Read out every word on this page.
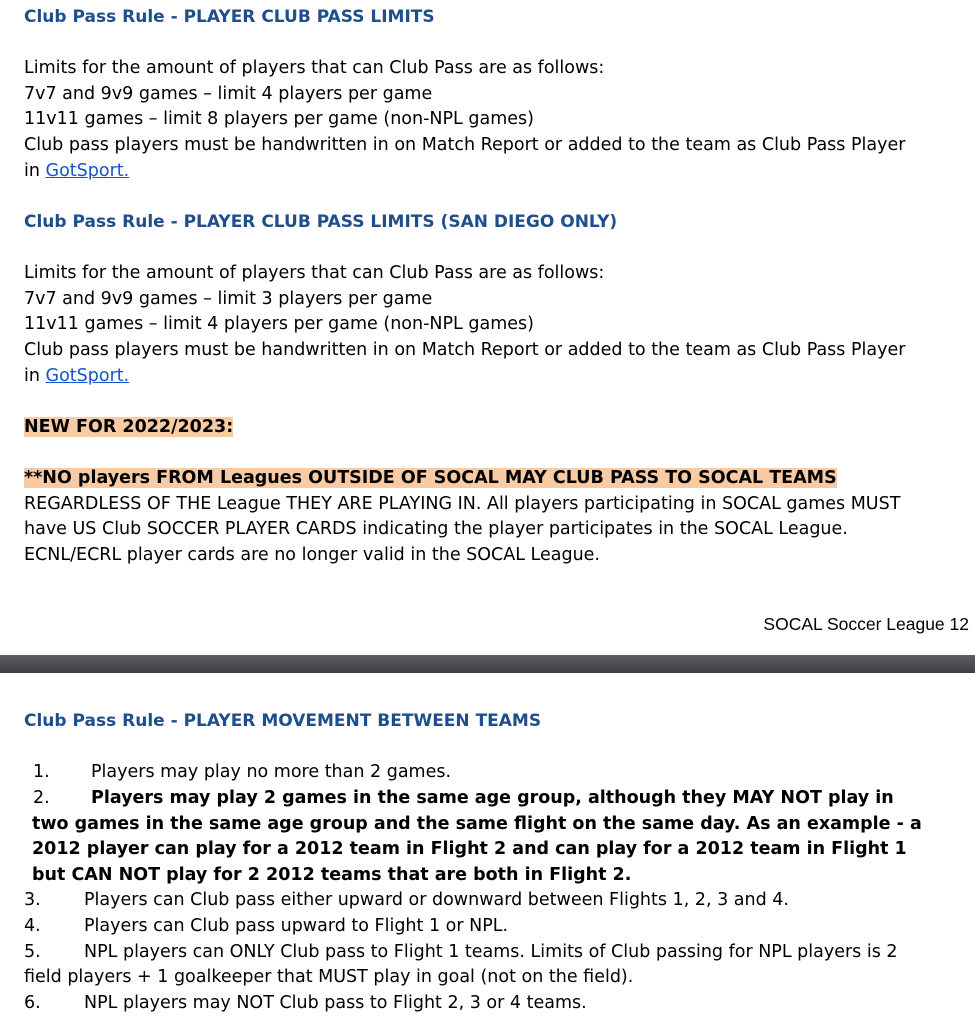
Club Pass Rule - PLAYER CLUB PASS LIMITS
Limits for the amount of players that can Club Pass are as follows:
7v7 and 9v9 games – limit 4 players per game
11v11 games – limit 8 players per game (non-NPL games)
Club pass players must be handwritten in on Match Report or added to the team as Club Pass Player
in GotSport.
Club Pass Rule - PLAYER CLUB PASS LIMITS (SAN DIEGO ONLY)
Limits for the amount of players that can Club Pass are as follows:
7v7 and 9v9 games – limit 3 players per game
11v11 games – limit 4 players per game (non-NPL games)
Club pass players must be handwritten in on Match Report or added to the team as Club Pass Player
in GotSport.
NEW FOR 2022/2023:
**NO players FROM Leagues OUTSIDE OF SOCAL MAY CLUB PASS TO SOCAL TEAMS
REGARDLESS OF THE League THEY ARE PLAYING IN. All players participating in SOCAL games MUST
have US Club SOCCER PLAYER CARDS indicating the player participates in the SOCAL League.
ECNL/ECRL player cards are no longer valid in the SOCAL League.
SOCAL Soccer League 12
Club Pass Rule - PLAYER MOVEMENT BETWEEN TEAMS
1. Players may play no more than 2 games.
2. Players may play 2 games in the same age group, although they MAY NOT play in
two games in the same age group and the same flight on the same day. As an example - a
2012 player can play for a 2012 team in Flight 2 and can play for a 2012 team in Flight 1
but CAN NOT play for 2 2012 teams that are both in Flight 2.
3. Players can Club pass either upward or downward between Flights 1, 2, 3 and 4.
4. Players can Club pass upward to Flight 1 or NPL.
5. NPL players can ONLY Club pass to Flight 1 teams. Limits of Club passing for NPL players is 2
field players + 1 goalkeeper that MUST play in goal (not on the field).
6. NPL players may NOT Club pass to Flight 2, 3 or 4 teams.
